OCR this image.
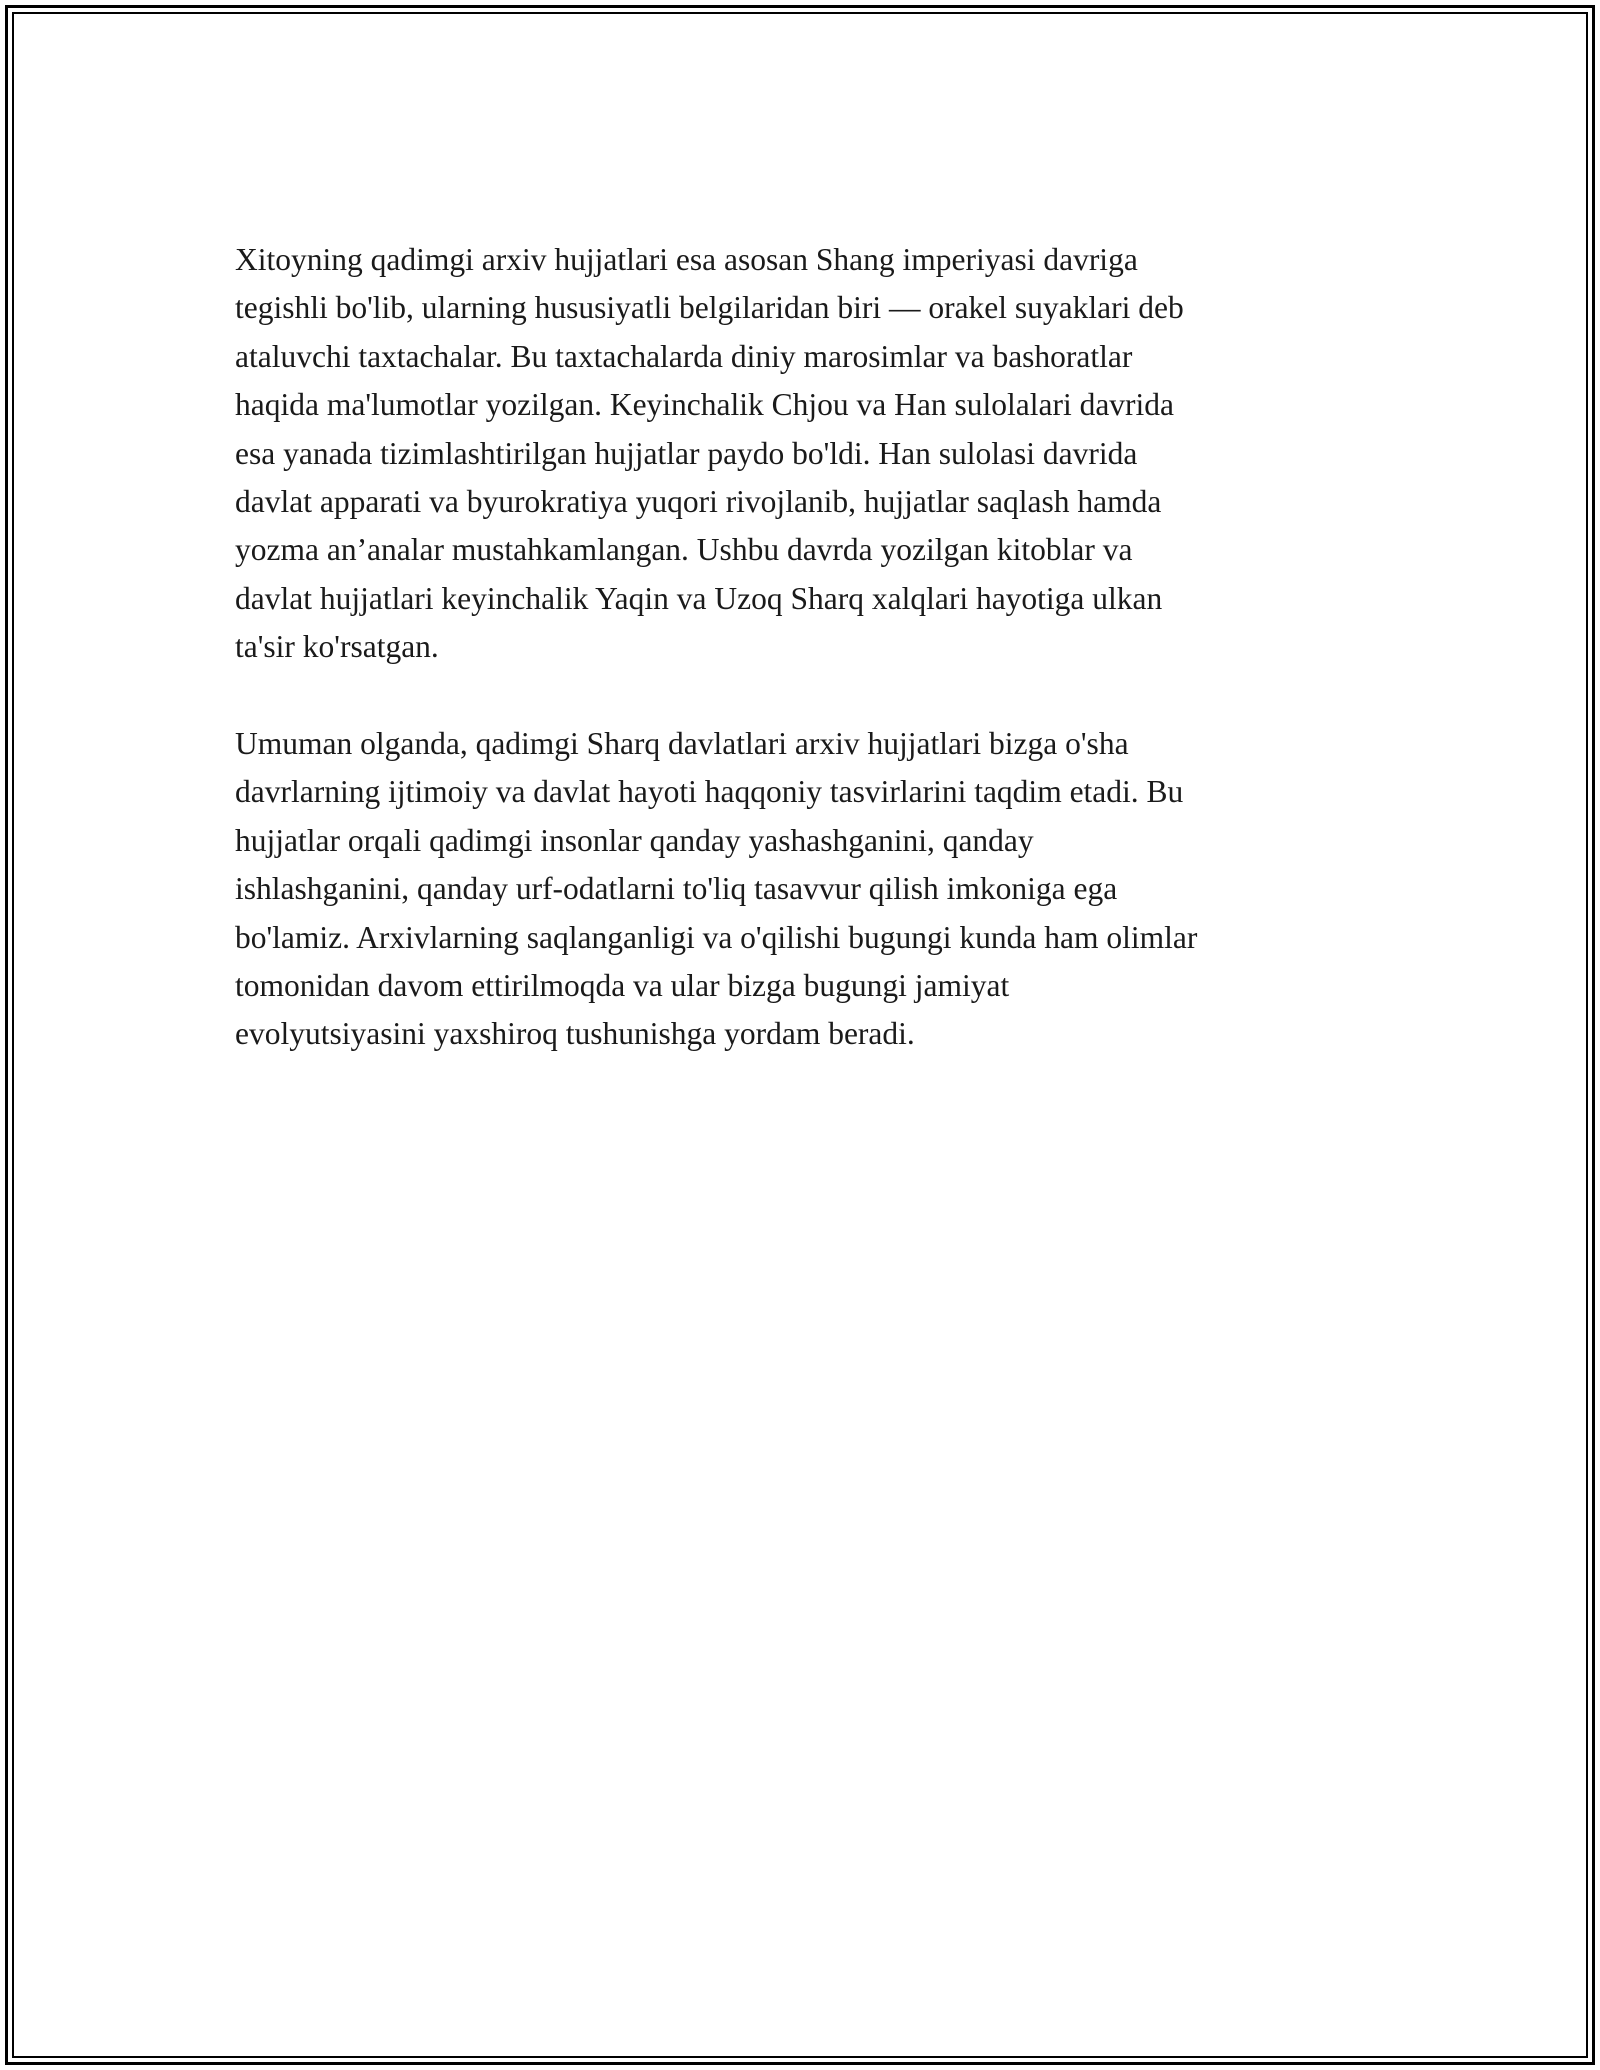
Xitoyning qadimgi arxiv hujjatlari esa asosan Shang imperiyasi davriga
tegishli bo'lib, ularning hususiyatli belgilaridan biri — orakel suyaklari deb
ataluvchi taxtachalar. Bu taxtachalarda diniy marosimlar va bashoratlar
haqida ma'lumotlar yozilgan. Keyinchalik Chjou va Han sulolalari davrida
esa yanada tizimlashtirilgan hujjatlar paydo bo'ldi. Han sulolasi davrida
davlat apparati va byurokratiya yuqori rivojlanib, hujjatlar saqlash hamda
yozma an’analar mustahkamlangan. Ushbu davrda yozilgan kitoblar va
davlat hujjatlari keyinchalik Yaqin va Uzoq Sharq xalqlari hayotiga ulkan
ta'sir ko'rsatgan.

Umuman olganda, qadimgi Sharq davlatlari arxiv hujjatlari bizga o'sha
davrlarning ijtimoiy va davlat hayoti haqqoniy tasvirlarini taqdim etadi. Bu
hujjatlar orqali qadimgi insonlar qanday yashashganini, qanday
ishlashganini, qanday urf-odatlarni to'liq tasavvur qilish imkoniga ega
bo'lamiz. Arxivlarning saqlanganligi va o'qilishi bugungi kunda ham olimlar
tomonidan davom ettirilmoqda va ular bizga bugungi jamiyat
evolyutsiyasini yaxshiroq tushunishga yordam beradi.
